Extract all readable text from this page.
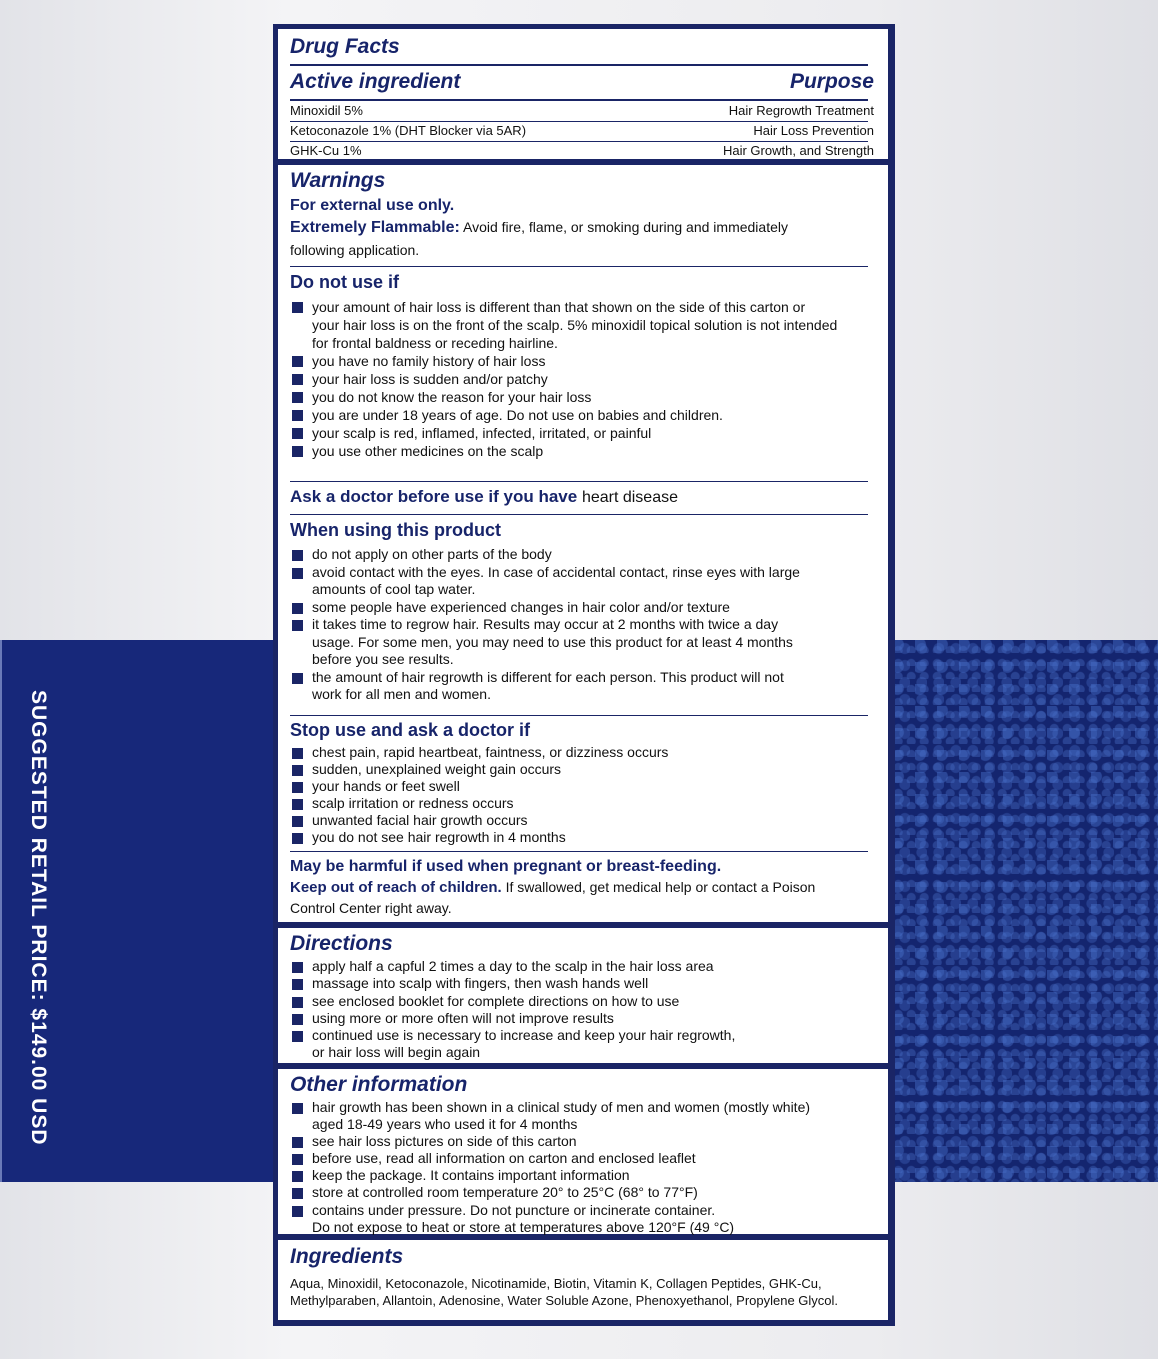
SUGGESTED RETAIL PRICE: $149.00 USD
Drug Facts
Active ingredient	Purpose
Minoxidil 5%	Hair Regrowth Treatment
Ketoconazole 1% (DHT Blocker via 5AR)	Hair Loss Prevention
GHK-Cu 1%	Hair Growth, and Strength
Warnings
For external use only.
Extremely Flammable: Avoid fire, flame, or smoking during and immediately
following application.
Do not use if
your amount of hair loss is different than that shown on the side of this carton or
your hair loss is on the front of the scalp. 5% minoxidil topical solution is not intended
for frontal baldness or receding hairline.
you have no family history of hair loss
your hair loss is sudden and/or patchy
you do not know the reason for your hair loss
you are under 18 years of age. Do not use on babies and children.
your scalp is red, inflamed, infected, irritated, or painful
you use other medicines on the scalp
Ask a doctor before use if you have heart disease
When using this product
do not apply on other parts of the body
avoid contact with the eyes. In case of accidental contact, rinse eyes with large
amounts of cool tap water.
some people have experienced changes in hair color and/or texture
it takes time to regrow hair. Results may occur at 2 months with twice a day
usage. For some men, you may need to use this product for at least 4 months
before you see results.
the amount of hair regrowth is different for each person. This product will not
work for all men and women.
Stop use and ask a doctor if
chest pain, rapid heartbeat, faintness, or dizziness occurs
sudden, unexplained weight gain occurs
your hands or feet swell
scalp irritation or redness occurs
unwanted facial hair growth occurs
you do not see hair regrowth in 4 months
May be harmful if used when pregnant or breast-feeding.
Keep out of reach of children. If swallowed, get medical help or contact a Poison
Control Center right away.
Directions
apply half a capful 2 times a day to the scalp in the hair loss area
massage into scalp with fingers, then wash hands well
see enclosed booklet for complete directions on how to use
using more or more often will not improve results
continued use is necessary to increase and keep your hair regrowth,
or hair loss will begin again
Other information
hair growth has been shown in a clinical study of men and women (mostly white)
aged 18-49 years who used it for 4 months
see hair loss pictures on side of this carton
before use, read all information on carton and enclosed leaflet
keep the package. It contains important information
store at controlled room temperature 20° to 25°C (68° to 77°F)
contains under pressure. Do not puncture or incinerate container.
Do not expose to heat or store at temperatures above 120°F (49 °C)
Ingredients
Aqua, Minoxidil, Ketoconazole, Nicotinamide, Biotin, Vitamin K, Collagen Peptides, GHK-Cu,
Methylparaben, Allantoin, Adenosine, Water Soluble Azone, Phenoxyethanol, Propylene Glycol.
